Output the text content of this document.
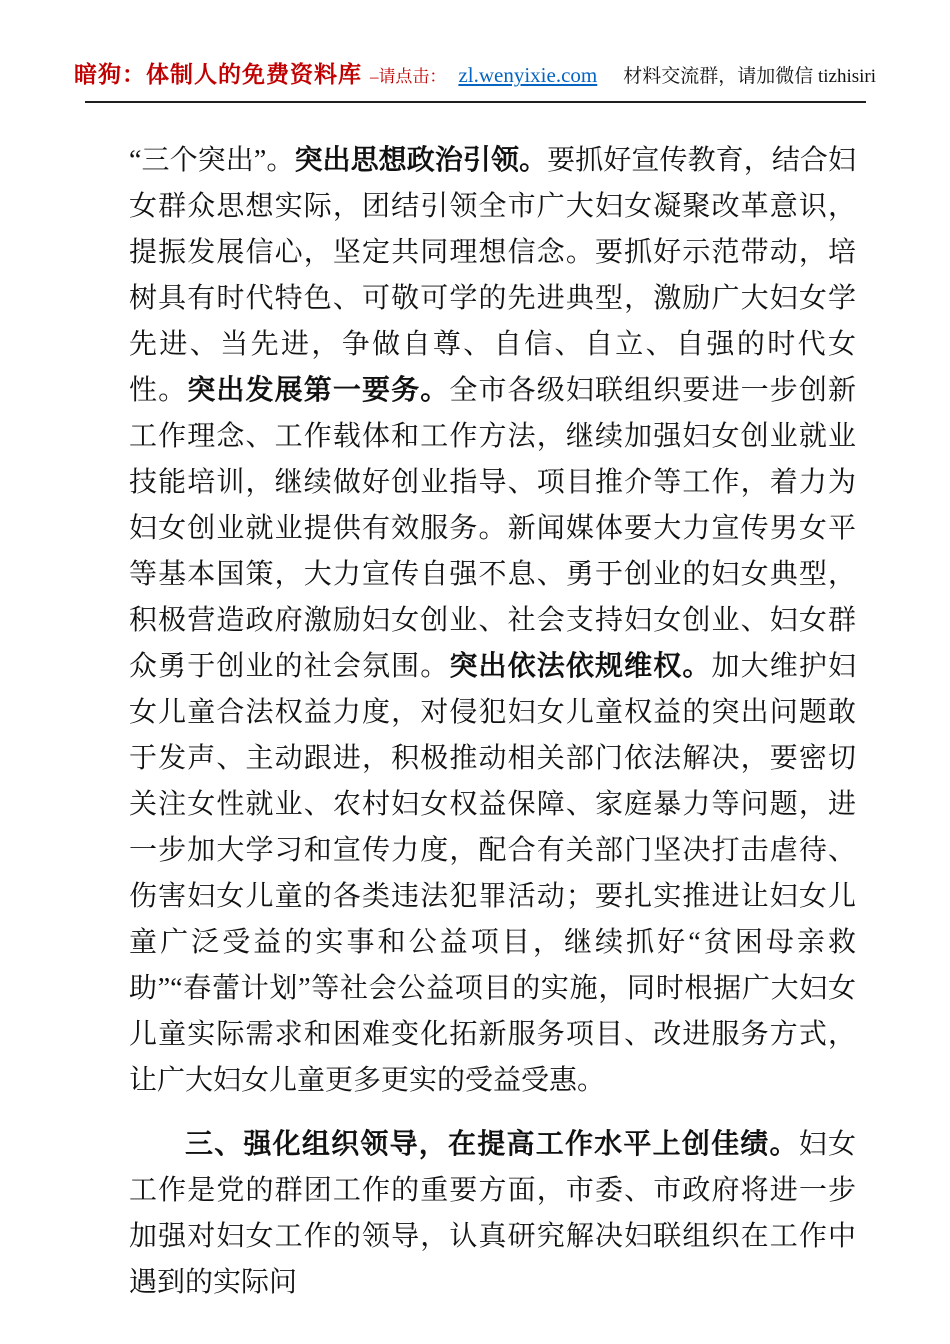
暗狗：体制人的免费资料库 –请点击： zl.wenyixie.com 材料交流群，请加微信 tizhisiri

“三个突出”。突出思想政治引领。要抓好宣传教育，结合妇女群众思想实际，团结引领全市广大妇女凝聚改革意识，提振发展信心，坚定共同理想信念。要抓好示范带动，培树具有时代特色、可敬可学的先进典型，激励广大妇女学先进、当先进，争做自尊、自信、自立、自强的时代女性。突出发展第一要务。全市各级妇联组织要进一步创新工作理念、工作载体和工作方法，继续加强妇女创业就业技能培训，继续做好创业指导、项目推介等工作，着力为妇女创业就业提供有效服务。新闻媒体要大力宣传男女平等基本国策，大力宣传自强不息、勇于创业的妇女典型，积极营造政府激励妇女创业、社会支持妇女创业、妇女群众勇于创业的社会氛围。突出依法依规维权。加大维护妇女儿童合法权益力度，对侵犯妇女儿童权益的突出问题敢于发声、主动跟进，积极推动相关部门依法解决，要密切关注女性就业、农村妇女权益保障、家庭暴力等问题，进一步加大学习和宣传力度，配合有关部门坚决打击虐待、伤害妇女儿童的各类违法犯罪活动；要扎实推进让妇女儿童广泛受益的实事和公益项目，继续抓好“贫困母亲救助”“春蕾计划”等社会公益项目的实施，同时根据广大妇女儿童实际需求和困难变化拓新服务项目、改进服务方式，让广大妇女儿童更多更实的受益受惠。

三、强化组织领导，在提高工作水平上创佳绩。妇女工作是党的群团工作的重要方面，市委、市政府将进一步加强对妇女工作的领导，认真研究解决妇联组织在工作中遇到的实际问
